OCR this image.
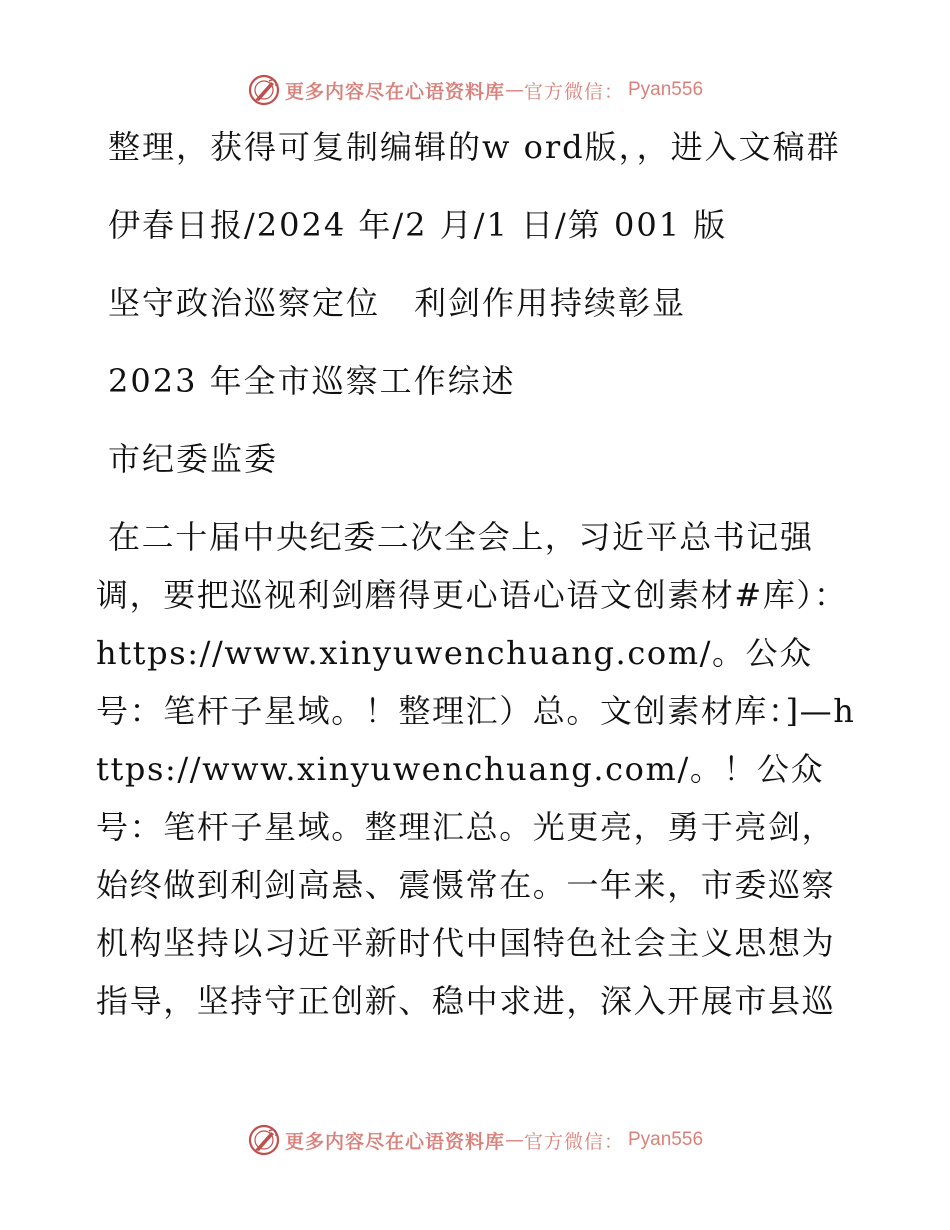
更多内容尽在心语资料库 — 官方微信： Pyan556

整理，获得可复制编辑的w ord版，，进入文稿群

伊春日报/2024 年/2 月/1 日/第 001 版

坚守政治巡察定位　利剑作用持续彰显

2023 年全市巡察工作综述

市纪委监委

在二十届中央纪委二次全会上，习近平总书记强调，要把巡视利剑磨得更心语心语文创素材#库）：https://www.xinyuwenchuang.com/。公众号：笔杆子星域。！整理汇）总。文创素材库：]—https://www.xinyuwenchuang.com/。！公众号：笔杆子星域。整理汇总。光更亮，勇于亮剑，始终做到利剑高悬、震慑常在。一年来，市委巡察机构坚持以习近平新时代中国特色社会主义思想为指导，坚持守正创新、稳中求进，深入开展市县巡

更多内容尽在心语资料库 — 官方微信： Pyan556
